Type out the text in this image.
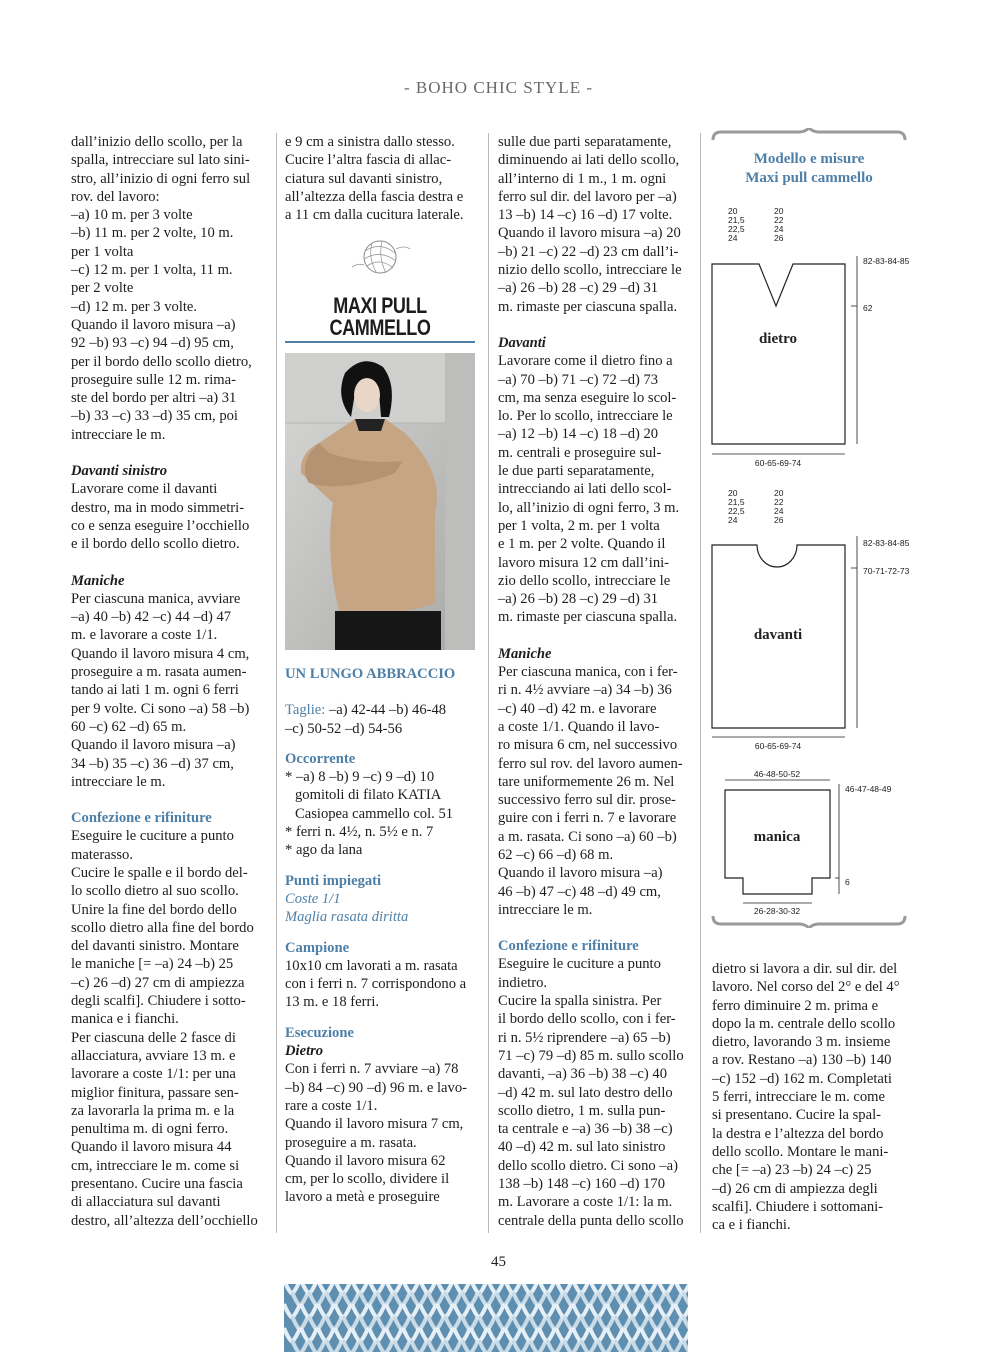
- BOHO CHIC STYLE -
dall’inizio dello scollo, per la
spalla, intrecciare sul lato sini-
stro, all’inizio di ogni ferro sul
rov. del lavoro:
–a) 10 m. per 3 volte
–b) 11 m. per 2 volte, 10 m.
per 1 volta
–c) 12 m. per 1 volta, 11 m.
per 2 volte
–d) 12 m. per 3 volte.
Quando il lavoro misura –a)
92 –b) 93 –c) 94 –d) 95 cm,
per il bordo dello scollo dietro,
proseguire sulle 12 m. rima-
ste del bordo per altri –a) 31
–b) 33 –c) 33 –d) 35 cm, poi
intrecciare le m.

Davanti sinistro

Lavorare come il davanti
destro, ma in modo simmetri-
co e senza eseguire l’occhiello
e il bordo dello scollo dietro.

Maniche

Per ciascuna manica, avviare
–a) 40 –b) 42 –c) 44 –d) 47
m. e lavorare a coste 1/1.
Quando il lavoro misura 4 cm,
proseguire a m. rasata aumen-
tando ai lati 1 m. ogni 6 ferri
per 9 volte. Ci sono –a) 58 –b)
60 –c) 62 –d) 65 m.
Quando il lavoro misura –a)
34 –b) 35 –c) 36 –d) 37 cm,
intrecciare le m.

Confezione e rifiniture

Eseguire le cuciture a punto
materasso.
Cucire le spalle e il bordo del-
lo scollo dietro al suo scollo.
Unire la fine del bordo dello
scollo dietro alla fine del bordo
del davanti sinistro. Montare
le maniche [= –a) 24 –b) 25
–c) 26 –d) 27 cm di ampiezza
degli scalfi]. Chiudere i sotto-
manica e i fianchi.
Per ciascuna delle 2 fasce di
allacciatura, avviare 13 m. e
lavorare a coste 1/1: per una
miglior finitura, passare sen-
za lavorarla la prima m. e la
penultima m. di ogni ferro.
Quando il lavoro misura 44
cm, intrecciare le m. come si
presentano. Cucire una fascia
di allacciatura sul davanti
destro, all’altezza dell’occhiello
e 9 cm a sinistra dallo stesso.
Cucire l’altra fascia di allac-
ciatura sul davanti sinistro,
all’altezza della fascia destra e
a 11 cm dalla cucitura laterale.
MAXI PULL
CAMMELLO

UN LUNGO ABBRACCIO

Taglie: –a) 42-44 –b) 46-48

–c) 50-52 –d) 54-56

Occorrente

* –a) 8 –b) 9 –c) 9 –d) 10
gomitoli di filato KATIA
Casiopea cammello col. 51
* ferri n. 4½, n. 5½ e n. 7
* ago da lana

Punti impiegati

Coste 1/1

Maglia rasata diritta

Campione

10x10 cm lavorati a m. rasata
con i ferri n. 7 corrispondono a
13 m. e 18 ferri.

Esecuzione

Dietro

Con i ferri n. 7 avviare –a) 78
–b) 84 –c) 90 –d) 96 m. e lavo-
rare a coste 1/1.
Quando il lavoro misura 7 cm,
proseguire a m. rasata.
Quando il lavoro misura 62
cm, per lo scollo, dividere il
lavoro a metà e proseguire
sulle due parti separatamente,
diminuendo ai lati dello scollo,
all’interno di 1 m., 1 m. ogni
ferro sul dir. del lavoro per –a)
13 –b) 14 –c) 16 –d) 17 volte.
Quando il lavoro misura –a) 20
–b) 21 –c) 22 –d) 23 cm dall’i-
nizio dello scollo, intrecciare le
–a) 26 –b) 28 –c) 29 –d) 31
m. rimaste per ciascuna spalla.

Davanti

Lavorare come il dietro fino a
–a) 70 –b) 71 –c) 72 –d) 73
cm, ma senza eseguire lo scol-
lo. Per lo scollo, intrecciare le
–a) 12 –b) 14 –c) 18 –d) 20
m. centrali e proseguire sul-
le due parti separatamente,
intrecciando ai lati dello scol-
lo, all’inizio di ogni ferro, 3 m.
per 1 volta, 2 m. per 1 volta
e 1 m. per 2 volte. Quando il
lavoro misura 12 cm dall’ini-
zio dello scollo, intrecciare le
–a) 26 –b) 28 –c) 29 –d) 31
m. rimaste per ciascuna spalla.

Maniche

Per ciascuna manica, con i fer-
ri n. 4½ avviare –a) 34 –b) 36
–c) 40 –d) 42 m. e lavorare
a coste 1/1. Quando il lavo-
ro misura 6 cm, nel successivo
ferro sul rov. del lavoro aumen-
tare uniformemente 26 m. Nel
successivo ferro sul dir. prose-
guire con i ferri n. 7 e lavorare
a m. rasata. Ci sono –a) 60 –b)
62 –c) 66 –d) 68 m.
Quando il lavoro misura –a)
46 –b) 47 –c) 48 –d) 49 cm,
intrecciare le m.

Confezione e rifiniture

Eseguire le cuciture a punto
indietro.
Cucire la spalla sinistra. Per
il bordo dello scollo, con i fer-
ri n. 5½ riprendere –a) 65 –b)
71 –c) 79 –d) 85 m. sullo scollo
davanti, –a) 36 –b) 38 –c) 40
–d) 42 m. sul lato destro dello
scollo dietro, 1 m. sulla pun-
ta centrale e –a) 36 –b) 38 –c)
40 –d) 42 m. sul lato sinistro
dello scollo dietro. Ci sono –a)
138 –b) 148 –c) 160 –d) 170
m. Lavorare a coste 1/1: la m.
centrale della punta dello scollo
Modello e misure
Maxi pull cammello
20
21,5
22,5
24
20
22
24
26
dietro
82-83-84-85
62
60-65-69-74
20
21,5
22,5
24
20
22
24
26
davanti
82-83-84-85
70-71-72-73
60-65-69-74
46-48-50-52
manica
46-47-48-49
6
26-28-30-32
dietro si lavora a dir. sul dir. del
lavoro. Nel corso del 2° e del 4°
ferro diminuire 2 m. prima e
dopo la m. centrale dello scollo
dietro, lavorando 3 m. insieme
a rov. Restano –a) 130 –b) 140
–c) 152 –d) 162 m. Completati
5 ferri, intrecciare le m. come
si presentano. Cucire la spal-
la destra e l’altezza del bordo
dello scollo. Montare le mani-
che [= –a) 23 –b) 24 –c) 25
–d) 26 cm di ampiezza degli
scalfi]. Chiudere i sottomani-
ca e i fianchi.
45
